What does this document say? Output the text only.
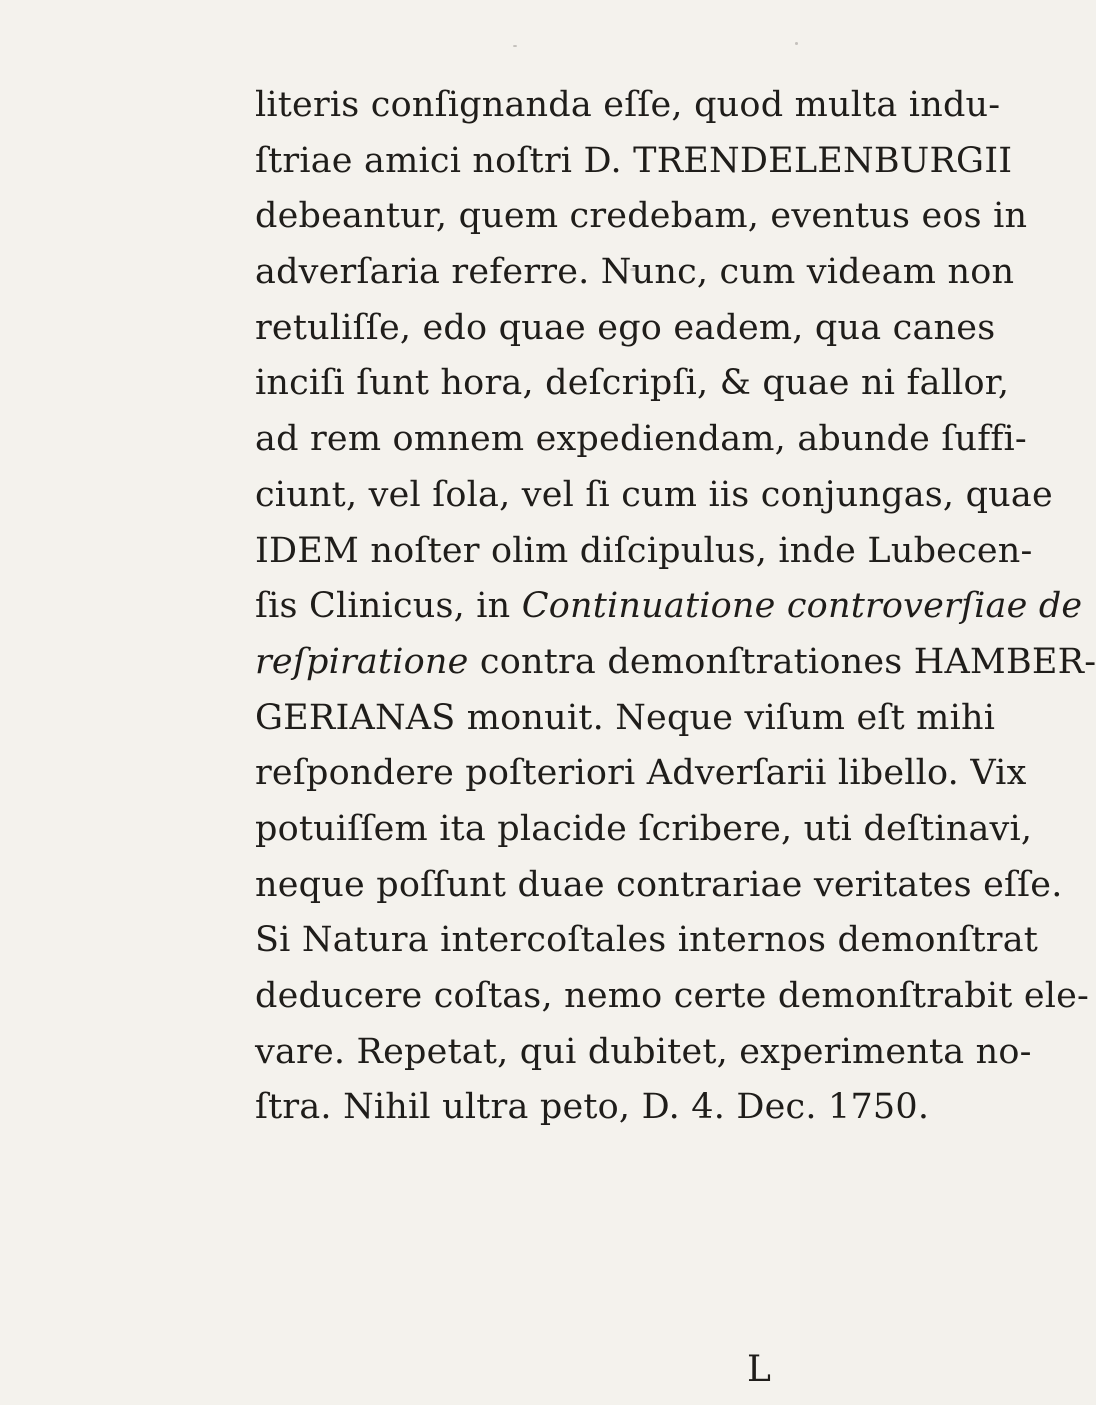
literis conſignanda eſſe, quod multa indu-
ſtriae amici noſtri D. TRENDELENBURGII
debeantur, quem credebam, eventus eos in
adverſaria referre. Nunc, cum videam non
retuliſſe, edo quae ego eadem, qua canes
inciſi ſunt hora, deſcripſi, & quae ni fallor,
ad rem omnem expediendam, abunde ſuffi-
ciunt, vel ſola, vel ſi cum iis conjungas, quae
IDEM noſter olim diſcipulus, inde Lubecen-
ſis Clinicus, in Continuatione controverſiae de
reſpiratione contra demonſtrationes HAMBER-
GERIANAS monuit. Neque viſum eſt mihi
reſpondere poſteriori Adverſarii libello. Vix
potuiſſem ita placide ſcribere, uti deſtinavi,
neque poſſunt duae contrariae veritates eſſe.
Si Natura intercoſtales internos demonſtrat
deducere coſtas, nemo certe demonſtrabit ele-
vare. Repetat, qui dubitet, experimenta no-
ſtra. Nihil ultra peto, D. 4. Dec. 1750.
L
